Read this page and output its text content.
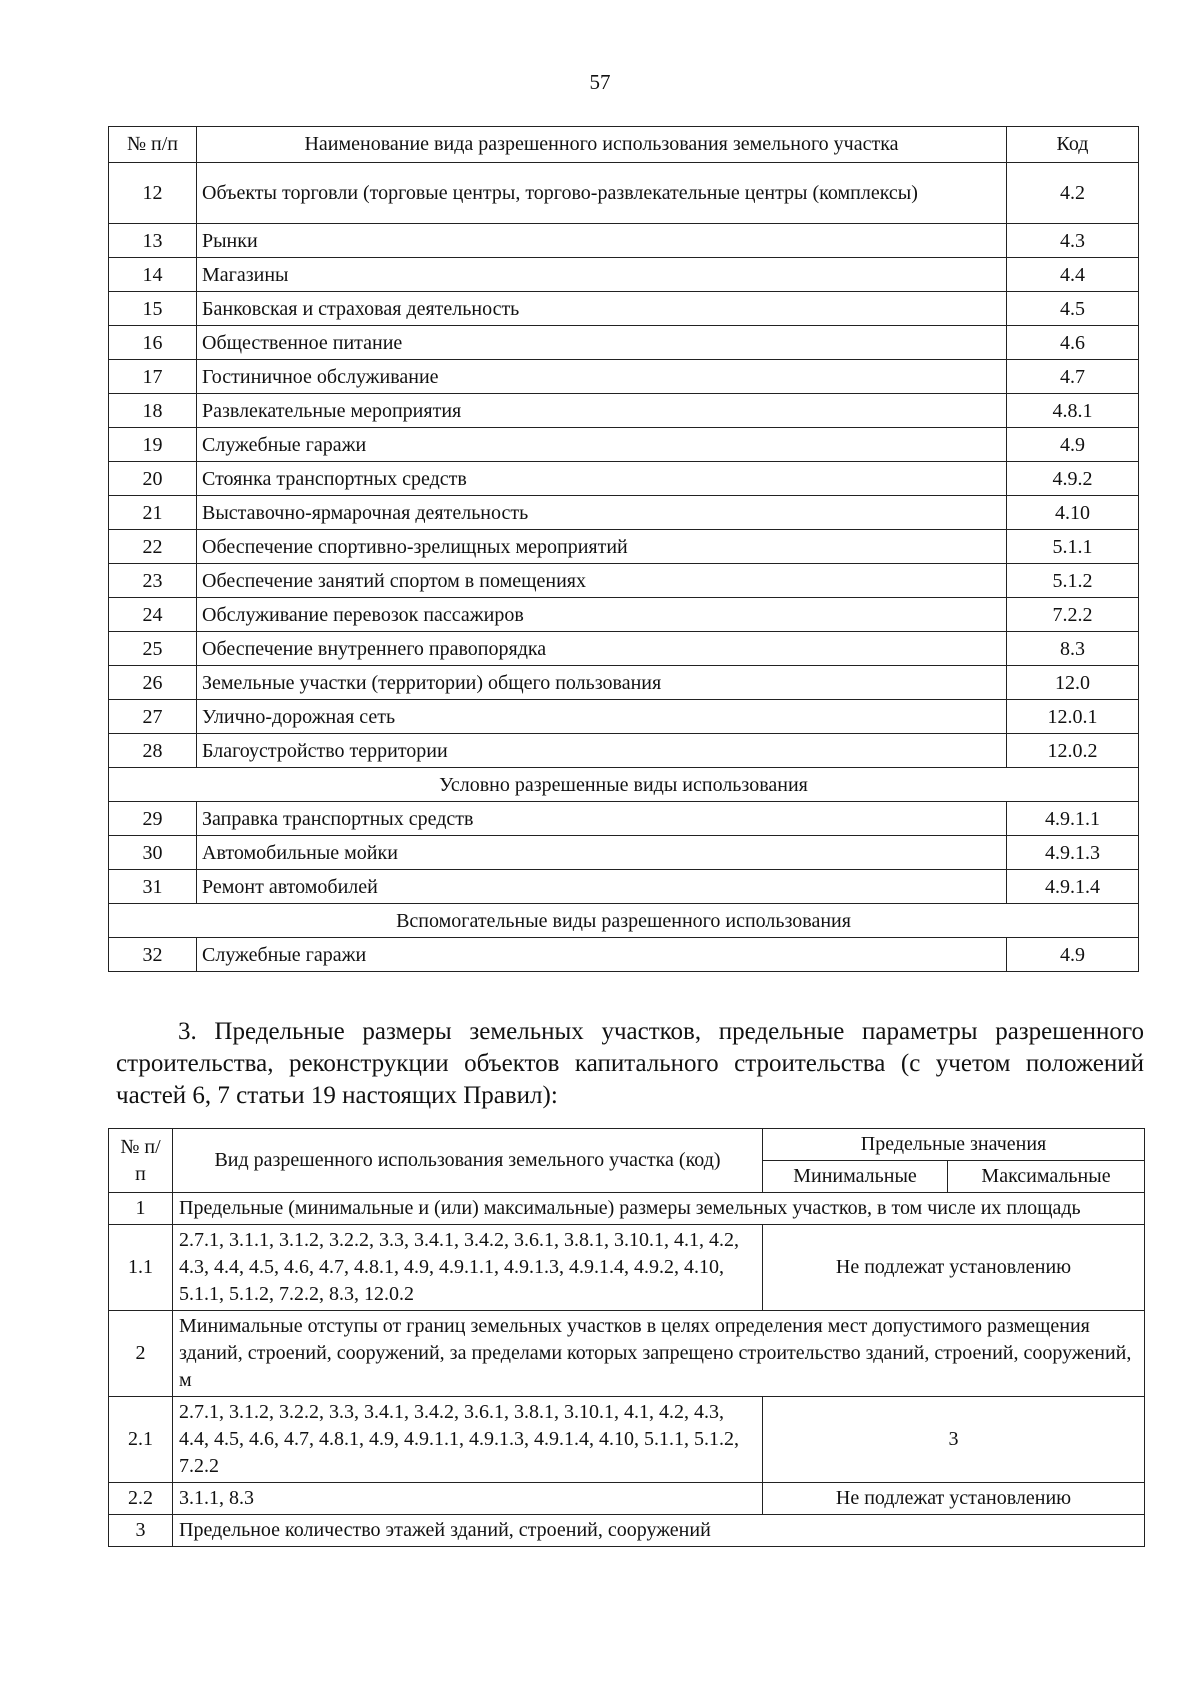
57
№ п/п	Наименование вида разрешенного использования земельного участка	Код
12	Объекты торговли (торговые центры, торгово-развлекательные центры (комплексы)	4.2
13	Рынки	4.3
14	Магазины	4.4
15	Банковская и страховая деятельность	4.5
16	Общественное питание	4.6
17	Гостиничное обслуживание	4.7
18	Развлекательные мероприятия	4.8.1
19	Служебные гаражи	4.9
20	Стоянка транспортных средств	4.9.2
21	Выставочно-ярмарочная деятельность	4.10
22	Обеспечение спортивно-зрелищных мероприятий	5.1.1
23	Обеспечение занятий спортом в помещениях	5.1.2
24	Обслуживание перевозок пассажиров	7.2.2
25	Обеспечение внутреннего правопорядка	8.3
26	Земельные участки (территории) общего пользования	12.0
27	Улично-дорожная сеть	12.0.1
28	Благоустройство территории	12.0.2
Условно разрешенные виды использования		
29	Заправка транспортных средств	4.9.1.1
30	Автомобильные мойки	4.9.1.3
31	Ремонт автомобилей	4.9.1.4
Вспомогательные виды разрешенного использования		
32	Служебные гаражи	4.9

3. Предельные размеры земельных участков, предельные параметры разрешенного строительства, реконструкции объектов капитального строительства (с учетом положений частей 6, 7 статьи 19 настоящих Правил):

№ п/п	Вид разрешенного использования земельного участка (код)	Предельные значения	
		Минимальные	Максимальные
1	Предельные (минимальные и (или) максимальные) размеры земельных участков, в том числе их площадь		
1.1	2.7.1, 3.1.1, 3.1.2, 3.2.2, 3.3, 3.4.1, 3.4.2, 3.6.1, 3.8.1, 3.10.1, 4.1, 4.2, 4.3, 4.4, 4.5, 4.6, 4.7, 4.8.1, 4.9, 4.9.1.1, 4.9.1.3, 4.9.1.4, 4.9.2, 4.10, 5.1.1, 5.1.2, 7.2.2, 8.3, 12.0.2	Не подлежат установлению	
2	Минимальные отступы от границ земельных участков в целях определения мест допустимого размещения зданий, строений, сооружений, за пределами которых запрещено строительство зданий, строений, сооружений, м		
2.1	2.7.1, 3.1.2, 3.2.2, 3.3, 3.4.1, 3.4.2, 3.6.1, 3.8.1, 3.10.1, 4.1, 4.2, 4.3, 4.4, 4.5, 4.6, 4.7, 4.8.1, 4.9, 4.9.1.1, 4.9.1.3, 4.9.1.4, 4.10, 5.1.1, 5.1.2, 7.2.2	3	
2.2	3.1.1, 8.3	Не подлежат установлению	
3	Предельное количество этажей зданий, строений, сооружений		
